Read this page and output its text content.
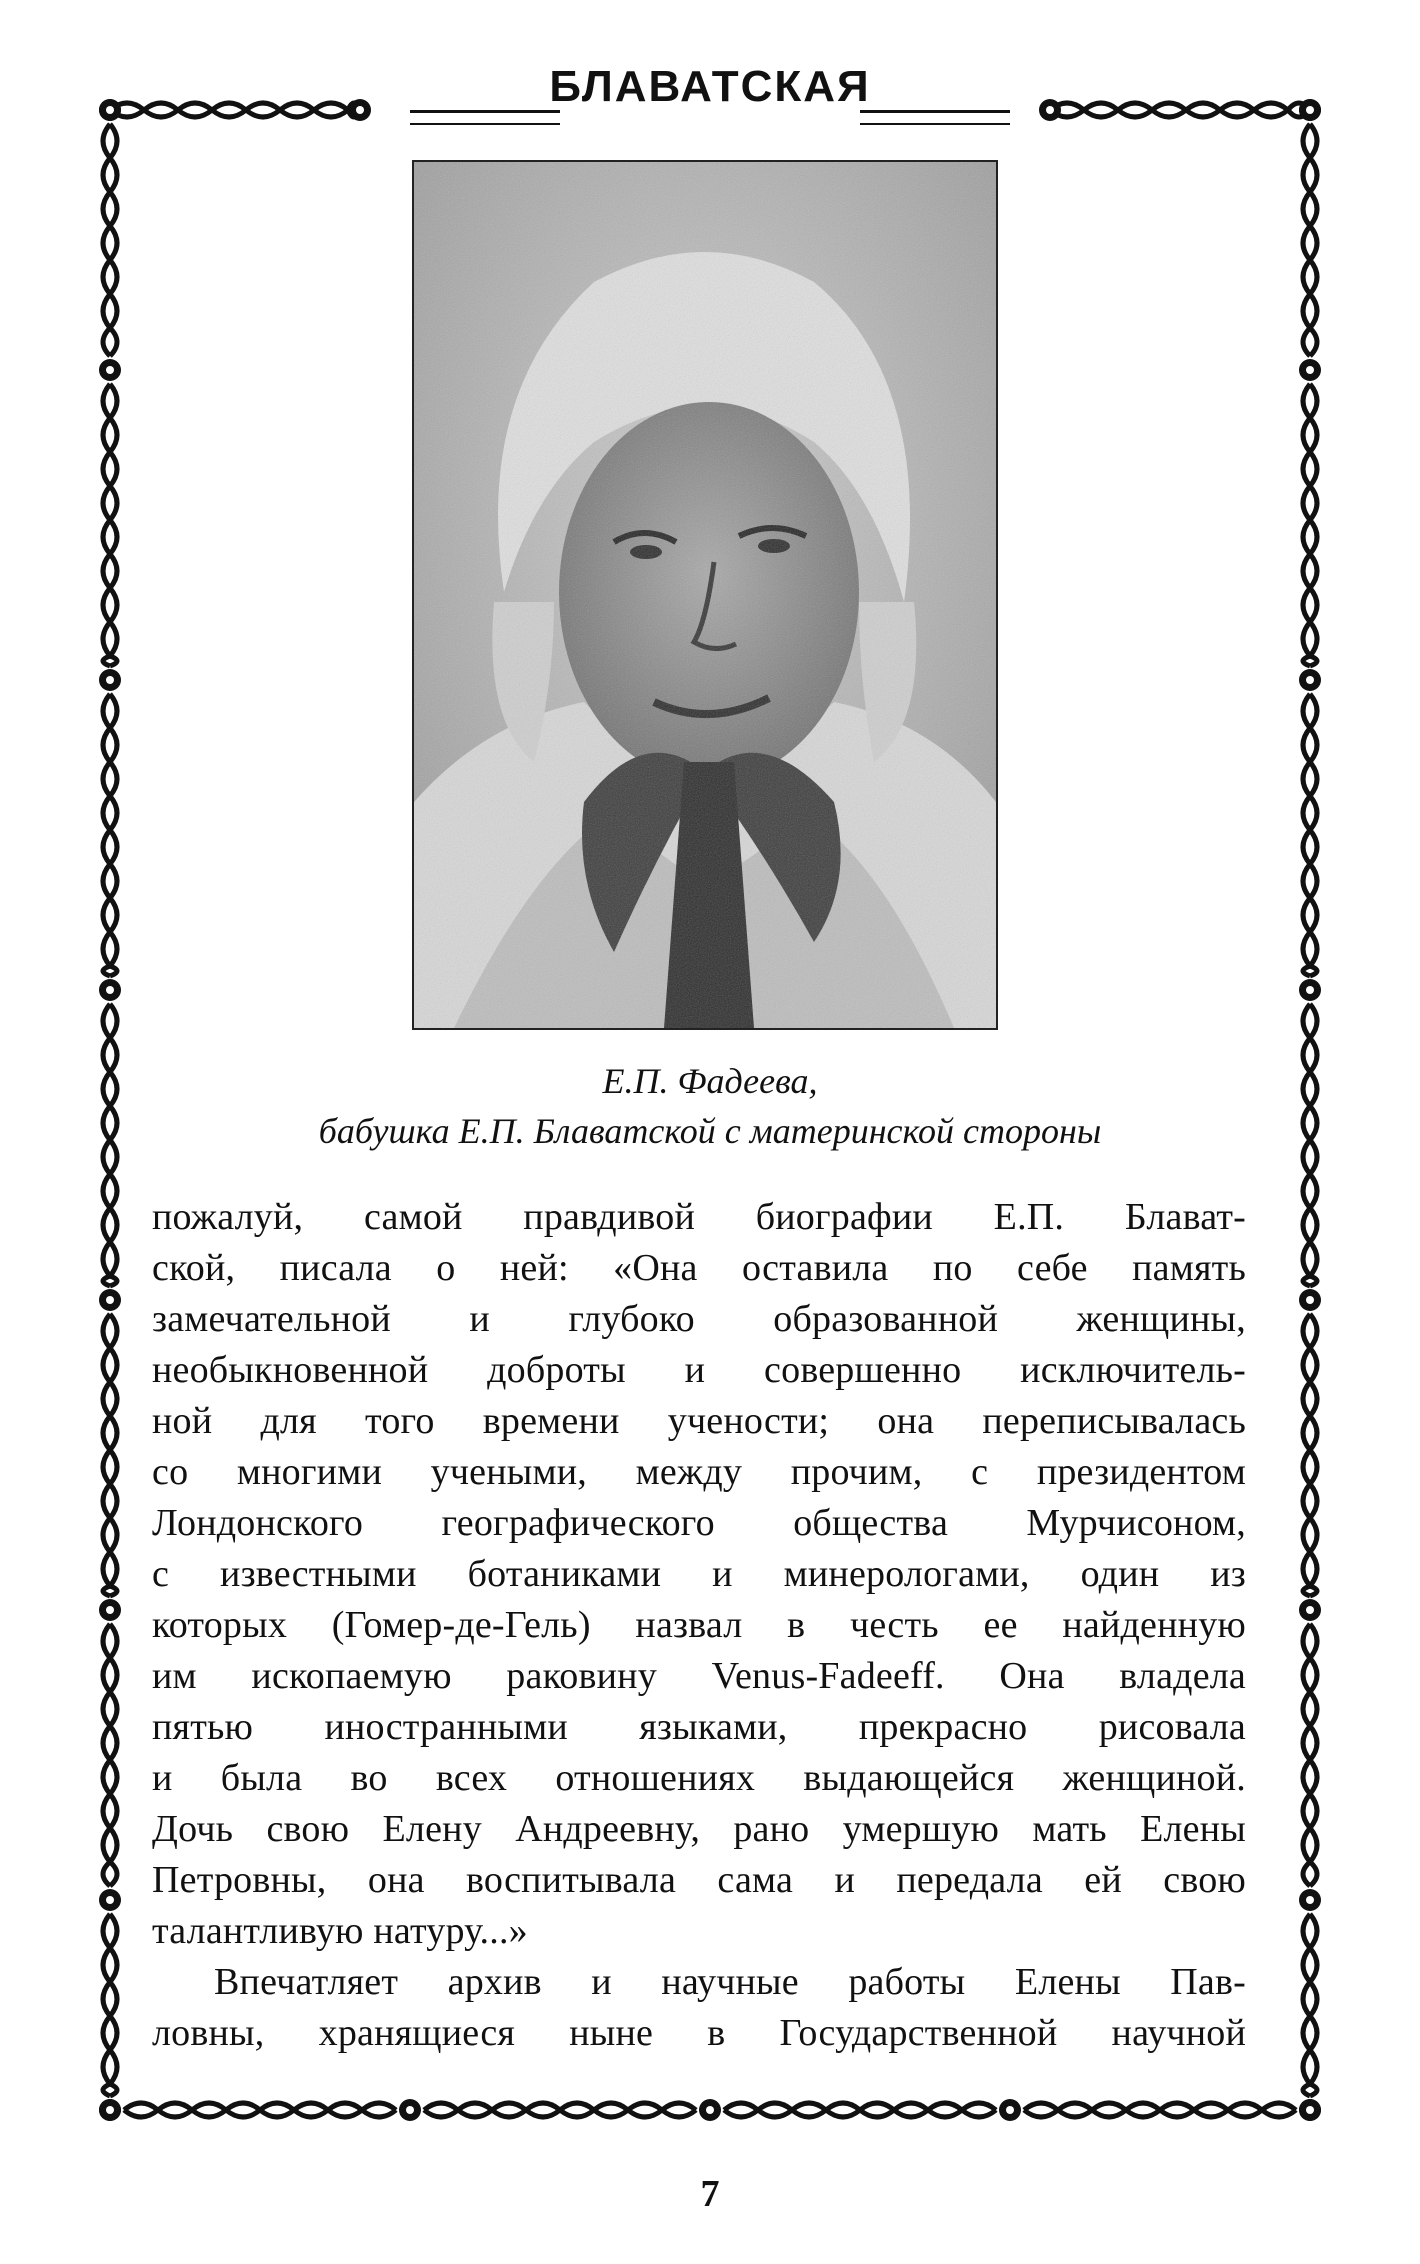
БЛАВАТСКАЯ
Е.П. Фадеева,
бабушка Е.П. Блаватской с материнской стороны
пожалуй, самой правдивой биографии Е.П. Блават-
ской, писала о ней: «Она оставила по себе память
замечательной и глубоко образованной женщины,
необыкновенной доброты и совершенно исключитель-
ной для того времени учености; она переписывалась
со многими учеными, между прочим, с президентом
Лондонского географического общества Мурчисоном,
с известными ботаниками и минерологами, один из
которых (Гомер-де-Гель) назвал в честь ее найденную
им ископаемую раковину Venus-Fadeeff. Она владела
пятью иностранными языками, прекрасно рисовала
и была во всех отношениях выдающейся женщиной.
Дочь свою Елену Андреевну, рано умершую мать Елены
Петровны, она воспитывала сама и передала ей свою
талантливую натуру...»
Впечатляет архив и научные работы Елены Пав-
ловны, хранящиеся ныне в Государственной научной
7
